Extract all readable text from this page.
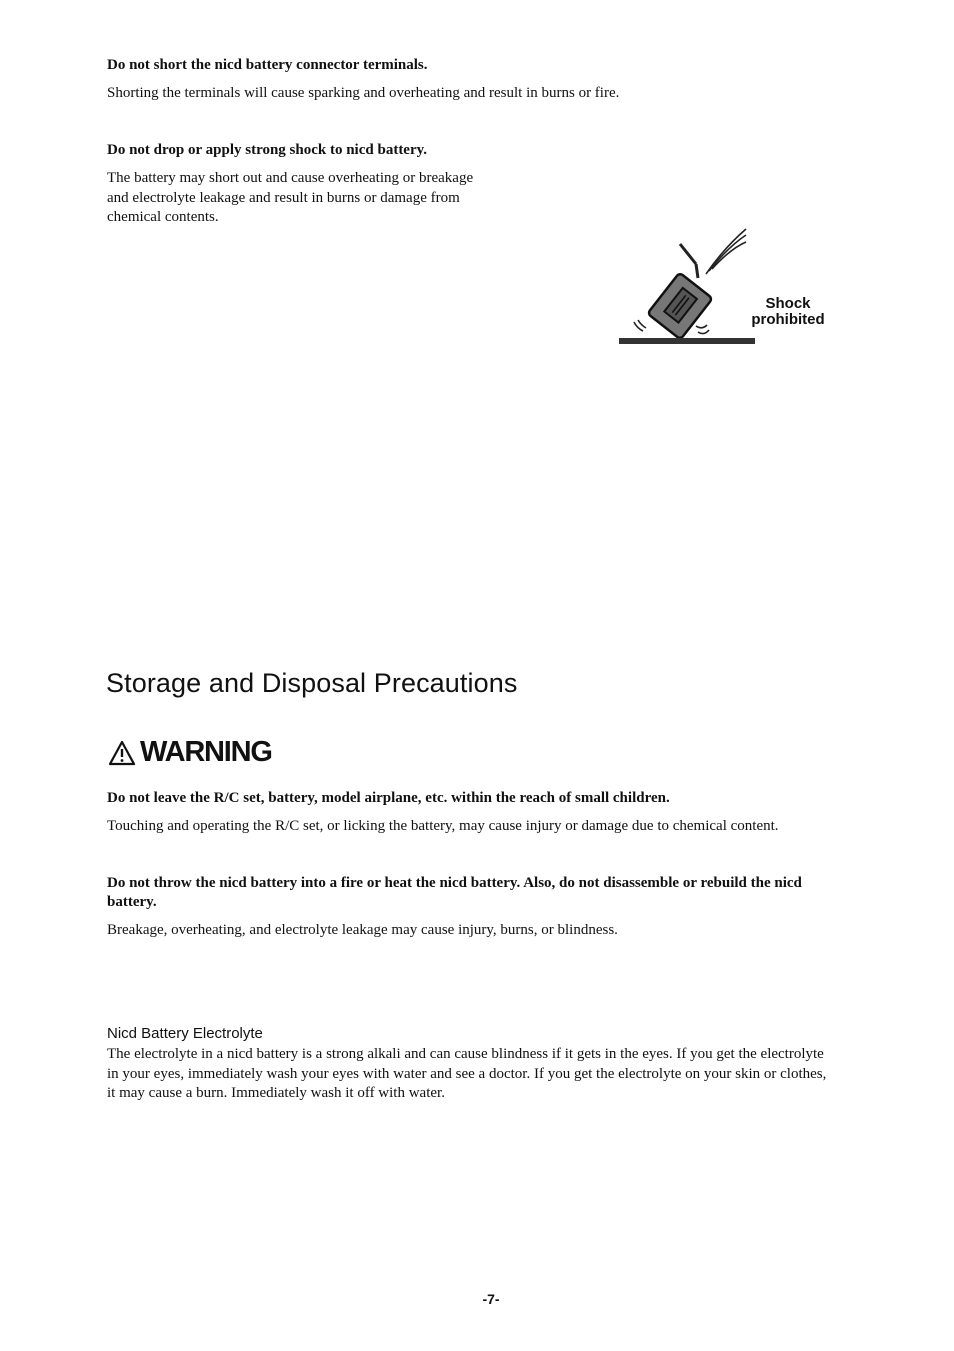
Do not short the nicd battery connector terminals.
Shorting the terminals will cause sparking and overheating and result in burns or fire.
Do not drop or apply strong shock to nicd battery.
The battery may short out and cause overheating or breakage
and electrolyte leakage and result in burns or damage from
chemical contents.
Shock
prohibited
Storage and Disposal Precautions
WARNING
Do not leave the R/C set, battery, model airplane, etc. within the reach of small children.
Touching and operating the R/C set, or licking the battery, may cause injury or damage due to chemical content.
Do not throw the nicd battery into a fire or heat the nicd battery. Also, do not disassemble or rebuild the nicd
battery.
Breakage, overheating, and electrolyte leakage may cause injury, burns, or blindness.
Nicd Battery Electrolyte
The electrolyte in a nicd battery is a strong alkali and can cause blindness if it gets in the eyes. If you get the electrolyte
in your eyes, immediately wash your eyes with water and see a doctor. If you get the electrolyte on your skin or clothes,
it may cause a burn. Immediately wash it off with water.
-7-
